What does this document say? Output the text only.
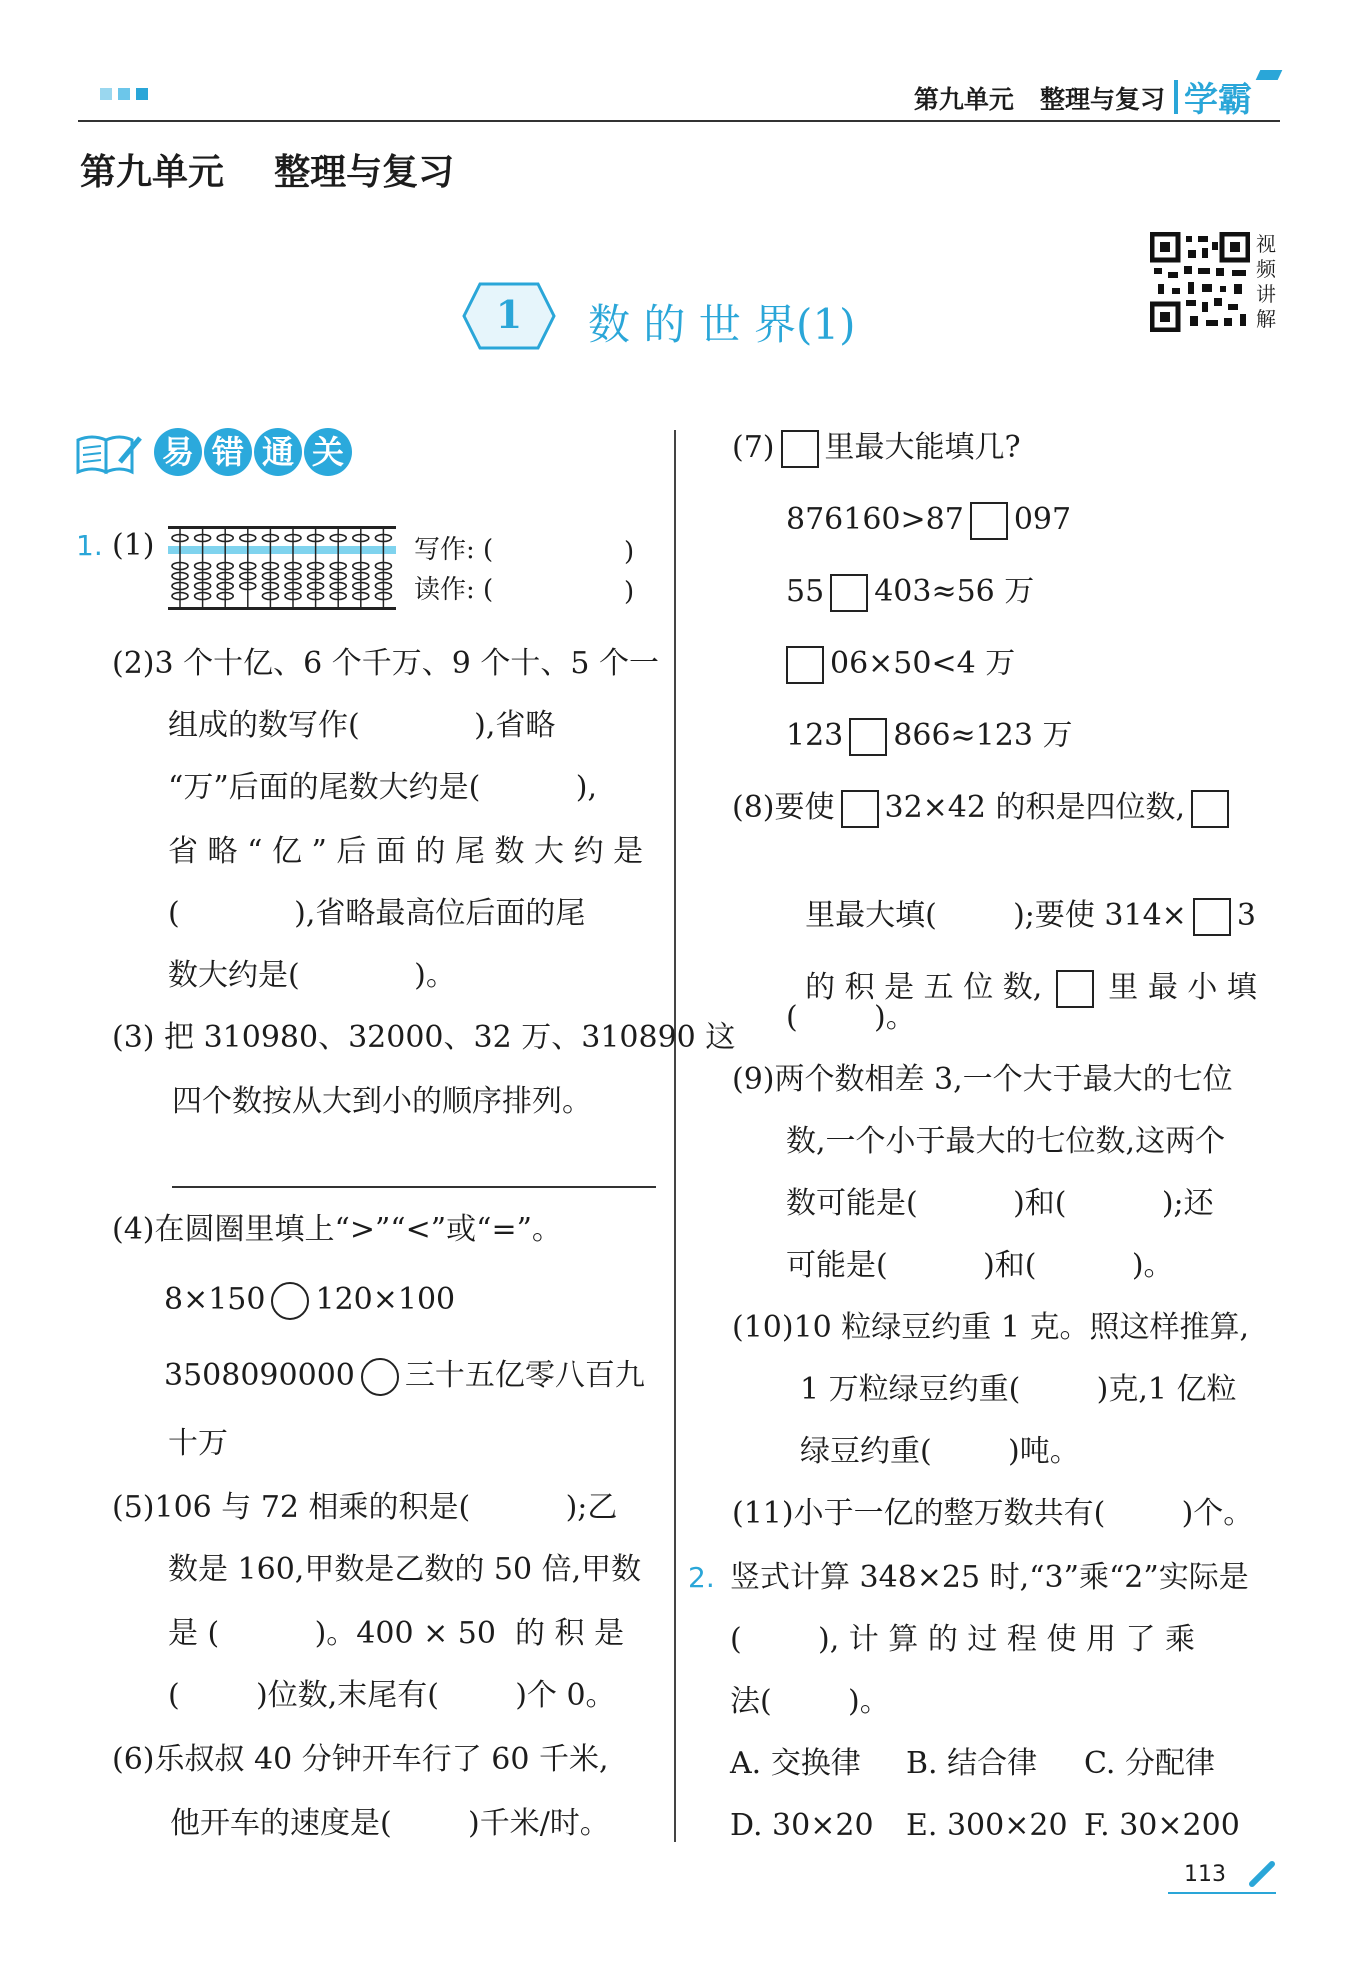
第九单元   整理与复习 学霸
第九单元    整理与复习
1	数 的 世 界(1)
视频讲解
易 错 通 关
1. (1)	写作: (	)
读作: (	)
(2)3 个十亿、6 个千万、9 个十、5 个一
组成的数写作(            ),省略
“万”后面的尾数大约是(          ),
省 略 “ 亿 ” 后 面 的 尾 数 大 约 是
(            ),省略最高位后面的尾
数大约是(            )。
(3) 把 310980、32000、32 万、310890 这
四个数按从大到小的顺序排列。
(4)在圆圈里填上“>”“<”或“=”。
8×150 120×100
3508090000 三十五亿零八百九
十万
(5)106 与 72 相乘的积是(          );乙
数是 160,甲数是乙数的 50 倍,甲数
是 (          )。400 × 50  的 积 是
(        )位数,末尾有(        )个 0。
(6)乐叔叔 40 分钟开车行了 60 千米,
他开车的速度是(        )千米/时。
(7) 里最大能填几?
876160>87 097
55 403≈56 万
06×50<4 万
123 866≈123 万
(8)要使 32×42 的积是四位数,

里最大填(        );要使 314× 3

的 积 是 五 位 数, 里 最 小 填

(        )。
(9)两个数相差 3,一个大于最大的七位
数,一个小于最大的七位数,这两个
数可能是(          )和(          );还
可能是(          )和(          )。
(10)10 粒绿豆约重 1 克。照这样推算,
1 万粒绿豆约重(        )克,1 亿粒
绿豆约重(        )吨。
(11)小于一亿的整万数共有(        )个。
2. 竖式计算 348×25 时,“3”乘“2”实际是
(        ), 计 算 的 过 程 使 用 了 乘
法(        )。
A. 交换律 B. 结合律 C. 分配律
D. 30×20 E. 300×20 F. 30×200
113
